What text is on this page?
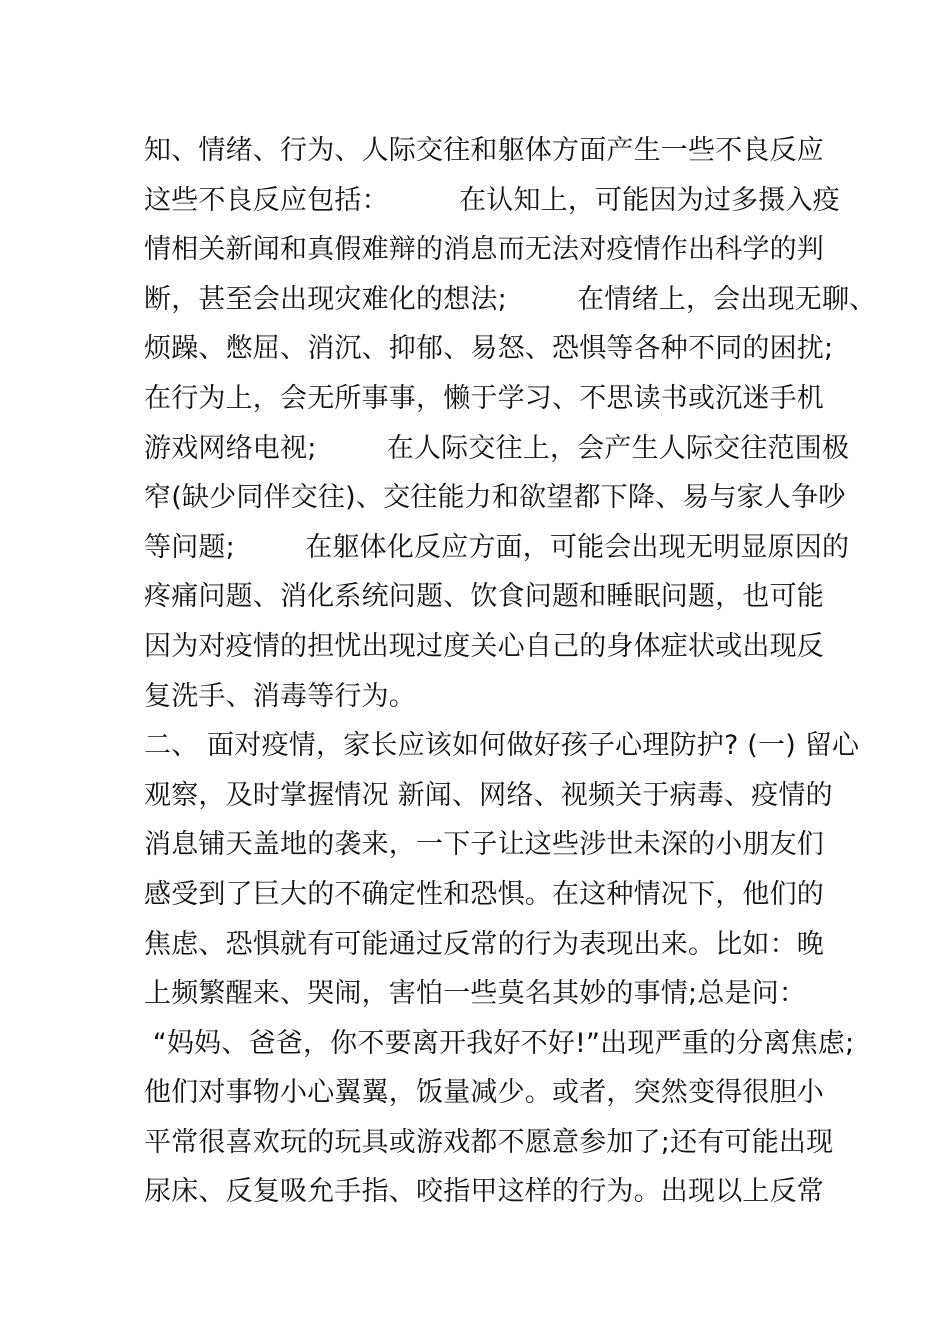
知、情绪、行为、人际交往和躯体方面产生一些不良反应
这些不良反应包括：        在认知上，可能因为过多摄入疫
情相关新闻和真假难辩的消息而无法对疫情作出科学的判
断，甚至会出现灾难化的想法;        在情绪上，会出现无聊、
烦躁、憋屈、消沉、抑郁、易怒、恐惧等各种不同的困扰;
在行为上，会无所事事，懒于学习、不思读书或沉迷手机
游戏网络电视;        在人际交往上，会产生人际交往范围极
窄(缺少同伴交往)、交往能力和欲望都下降、易与家人争吵
等问题;        在躯体化反应方面，可能会出现无明显原因的
疼痛问题、消化系统问题、饮食问题和睡眠问题，也可能
因为对疫情的担忧出现过度关心自己的身体症状或出现反
复洗手、消毒等行为。
二、 面对疫情，家长应该如何做好孩子心理防护? (一) 留心
观察，及时掌握情况 新闻、网络、视频关于病毒、疫情的
消息铺天盖地的袭来，一下子让这些涉世未深的小朋友们
感受到了巨大的不确定性和恐惧。在这种情况下，他们的
焦虑、恐惧就有可能通过反常的行为表现出来。比如：晚
上频繁醒来、哭闹，害怕一些莫名其妙的事情;总是问：
“妈妈、爸爸，你不要离开我好不好!”出现严重的分离焦虑;
他们对事物小心翼翼，饭量减少。或者，突然变得很胆小
平常很喜欢玩的玩具或游戏都不愿意参加了;还有可能出现
尿床、反复吸允手指、咬指甲这样的行为。出现以上反常
